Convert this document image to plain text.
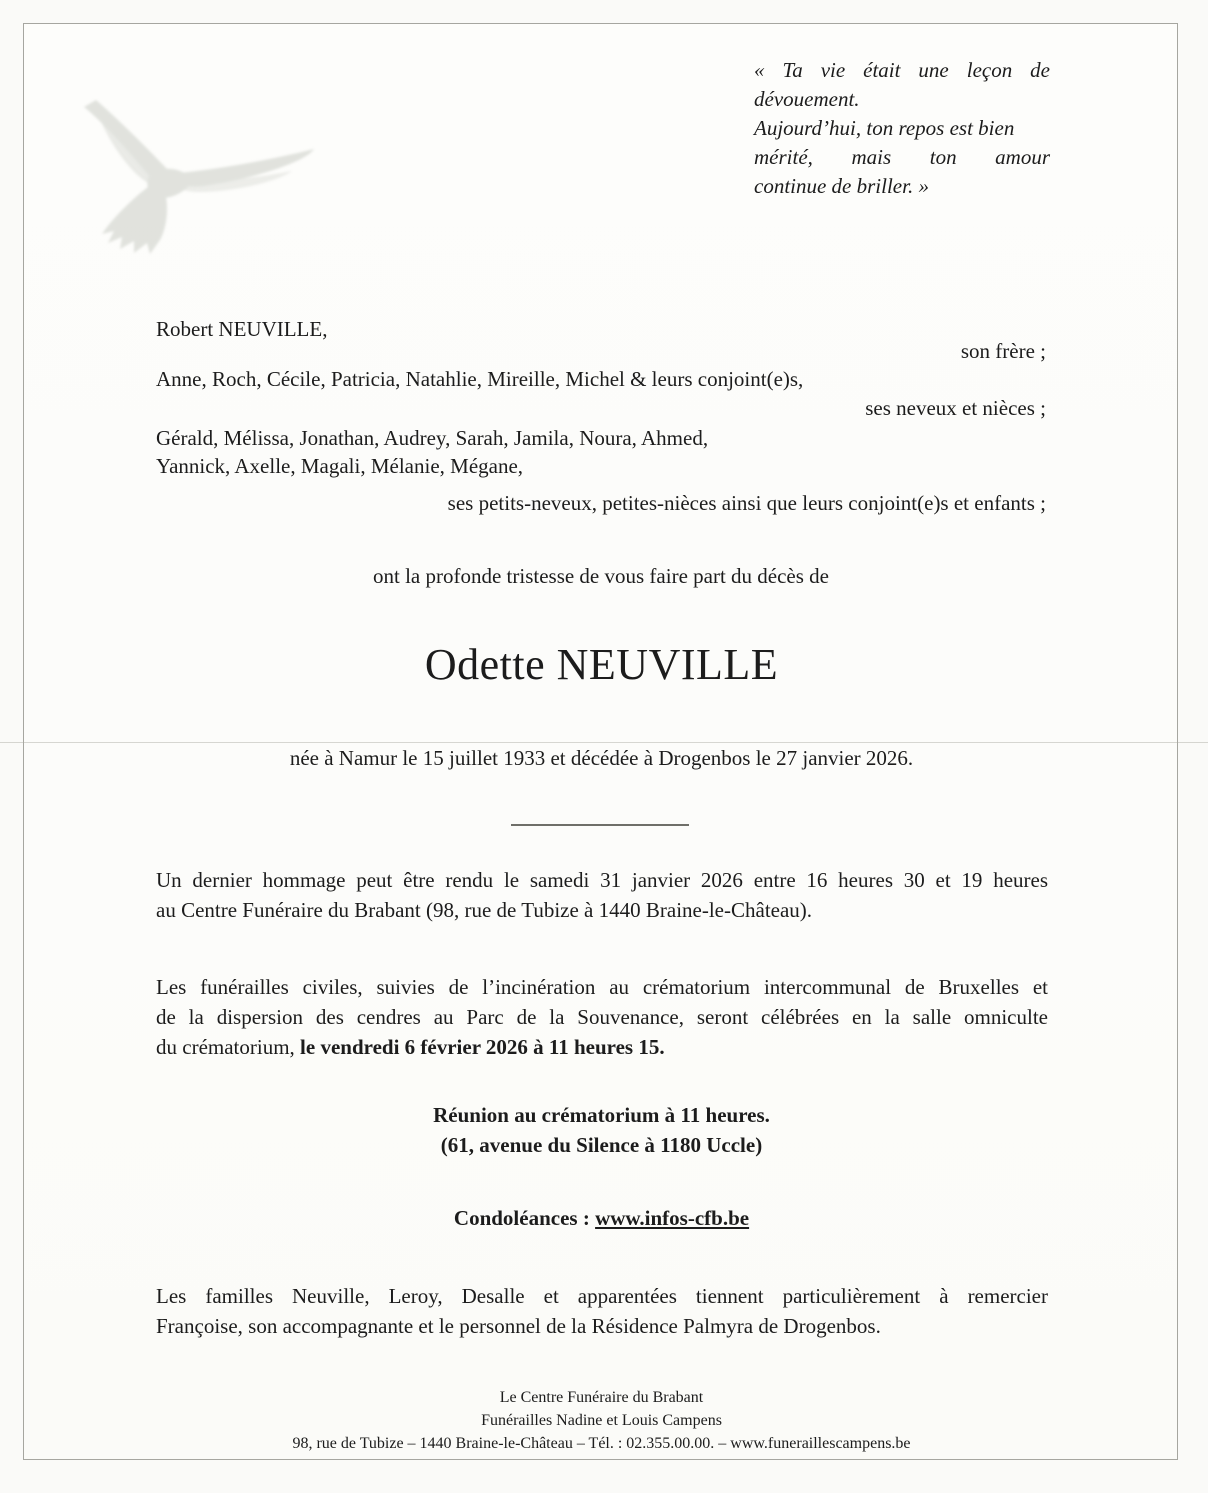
« Ta vie était une leçon de
dévouement.
Aujourd’hui, ton repos est bien
mérité, mais ton amour
continue de briller. »
Robert NEUVILLE,
son frère ;
Anne, Roch, Cécile, Patricia, Natahlie, Mireille, Michel & leurs conjoint(e)s,
ses neveux et nièces ;
Gérald, Mélissa, Jonathan, Audrey, Sarah, Jamila, Noura, Ahmed,
Yannick, Axelle, Magali, Mélanie, Mégane,
ses petits-neveux, petites-nièces ainsi que leurs conjoint(e)s et enfants ;
ont la profonde tristesse de vous faire part du décès de
Odette NEUVILLE
née à Namur le 15 juillet 1933 et décédée à Drogenbos le 27 janvier 2026.
Un dernier hommage peut être rendu le samedi 31 janvier 2026 entre 16 heures 30 et 19 heures
au Centre Funéraire du Brabant (98, rue de Tubize à 1440 Braine-le-Château).
Les funérailles civiles, suivies de l’incinération au crématorium intercommunal de Bruxelles et
de la dispersion des cendres au Parc de la Souvenance, seront célébrées en la salle omniculte
du crématorium, le vendredi 6 février 2026 à 11 heures 15.
Réunion au crématorium à 11 heures.
(61, avenue du Silence à 1180 Uccle)
Condoléances : www.infos-cfb.be
Les familles Neuville, Leroy, Desalle et apparentées tiennent particulièrement à remercier
Françoise, son accompagnante et le personnel de la Résidence Palmyra de Drogenbos.
Le Centre Funéraire du Brabant
Funérailles Nadine et Louis Campens
98, rue de Tubize – 1440 Braine-le-Château – Tél. : 02.355.00.00. – www.funeraillescampens.be
